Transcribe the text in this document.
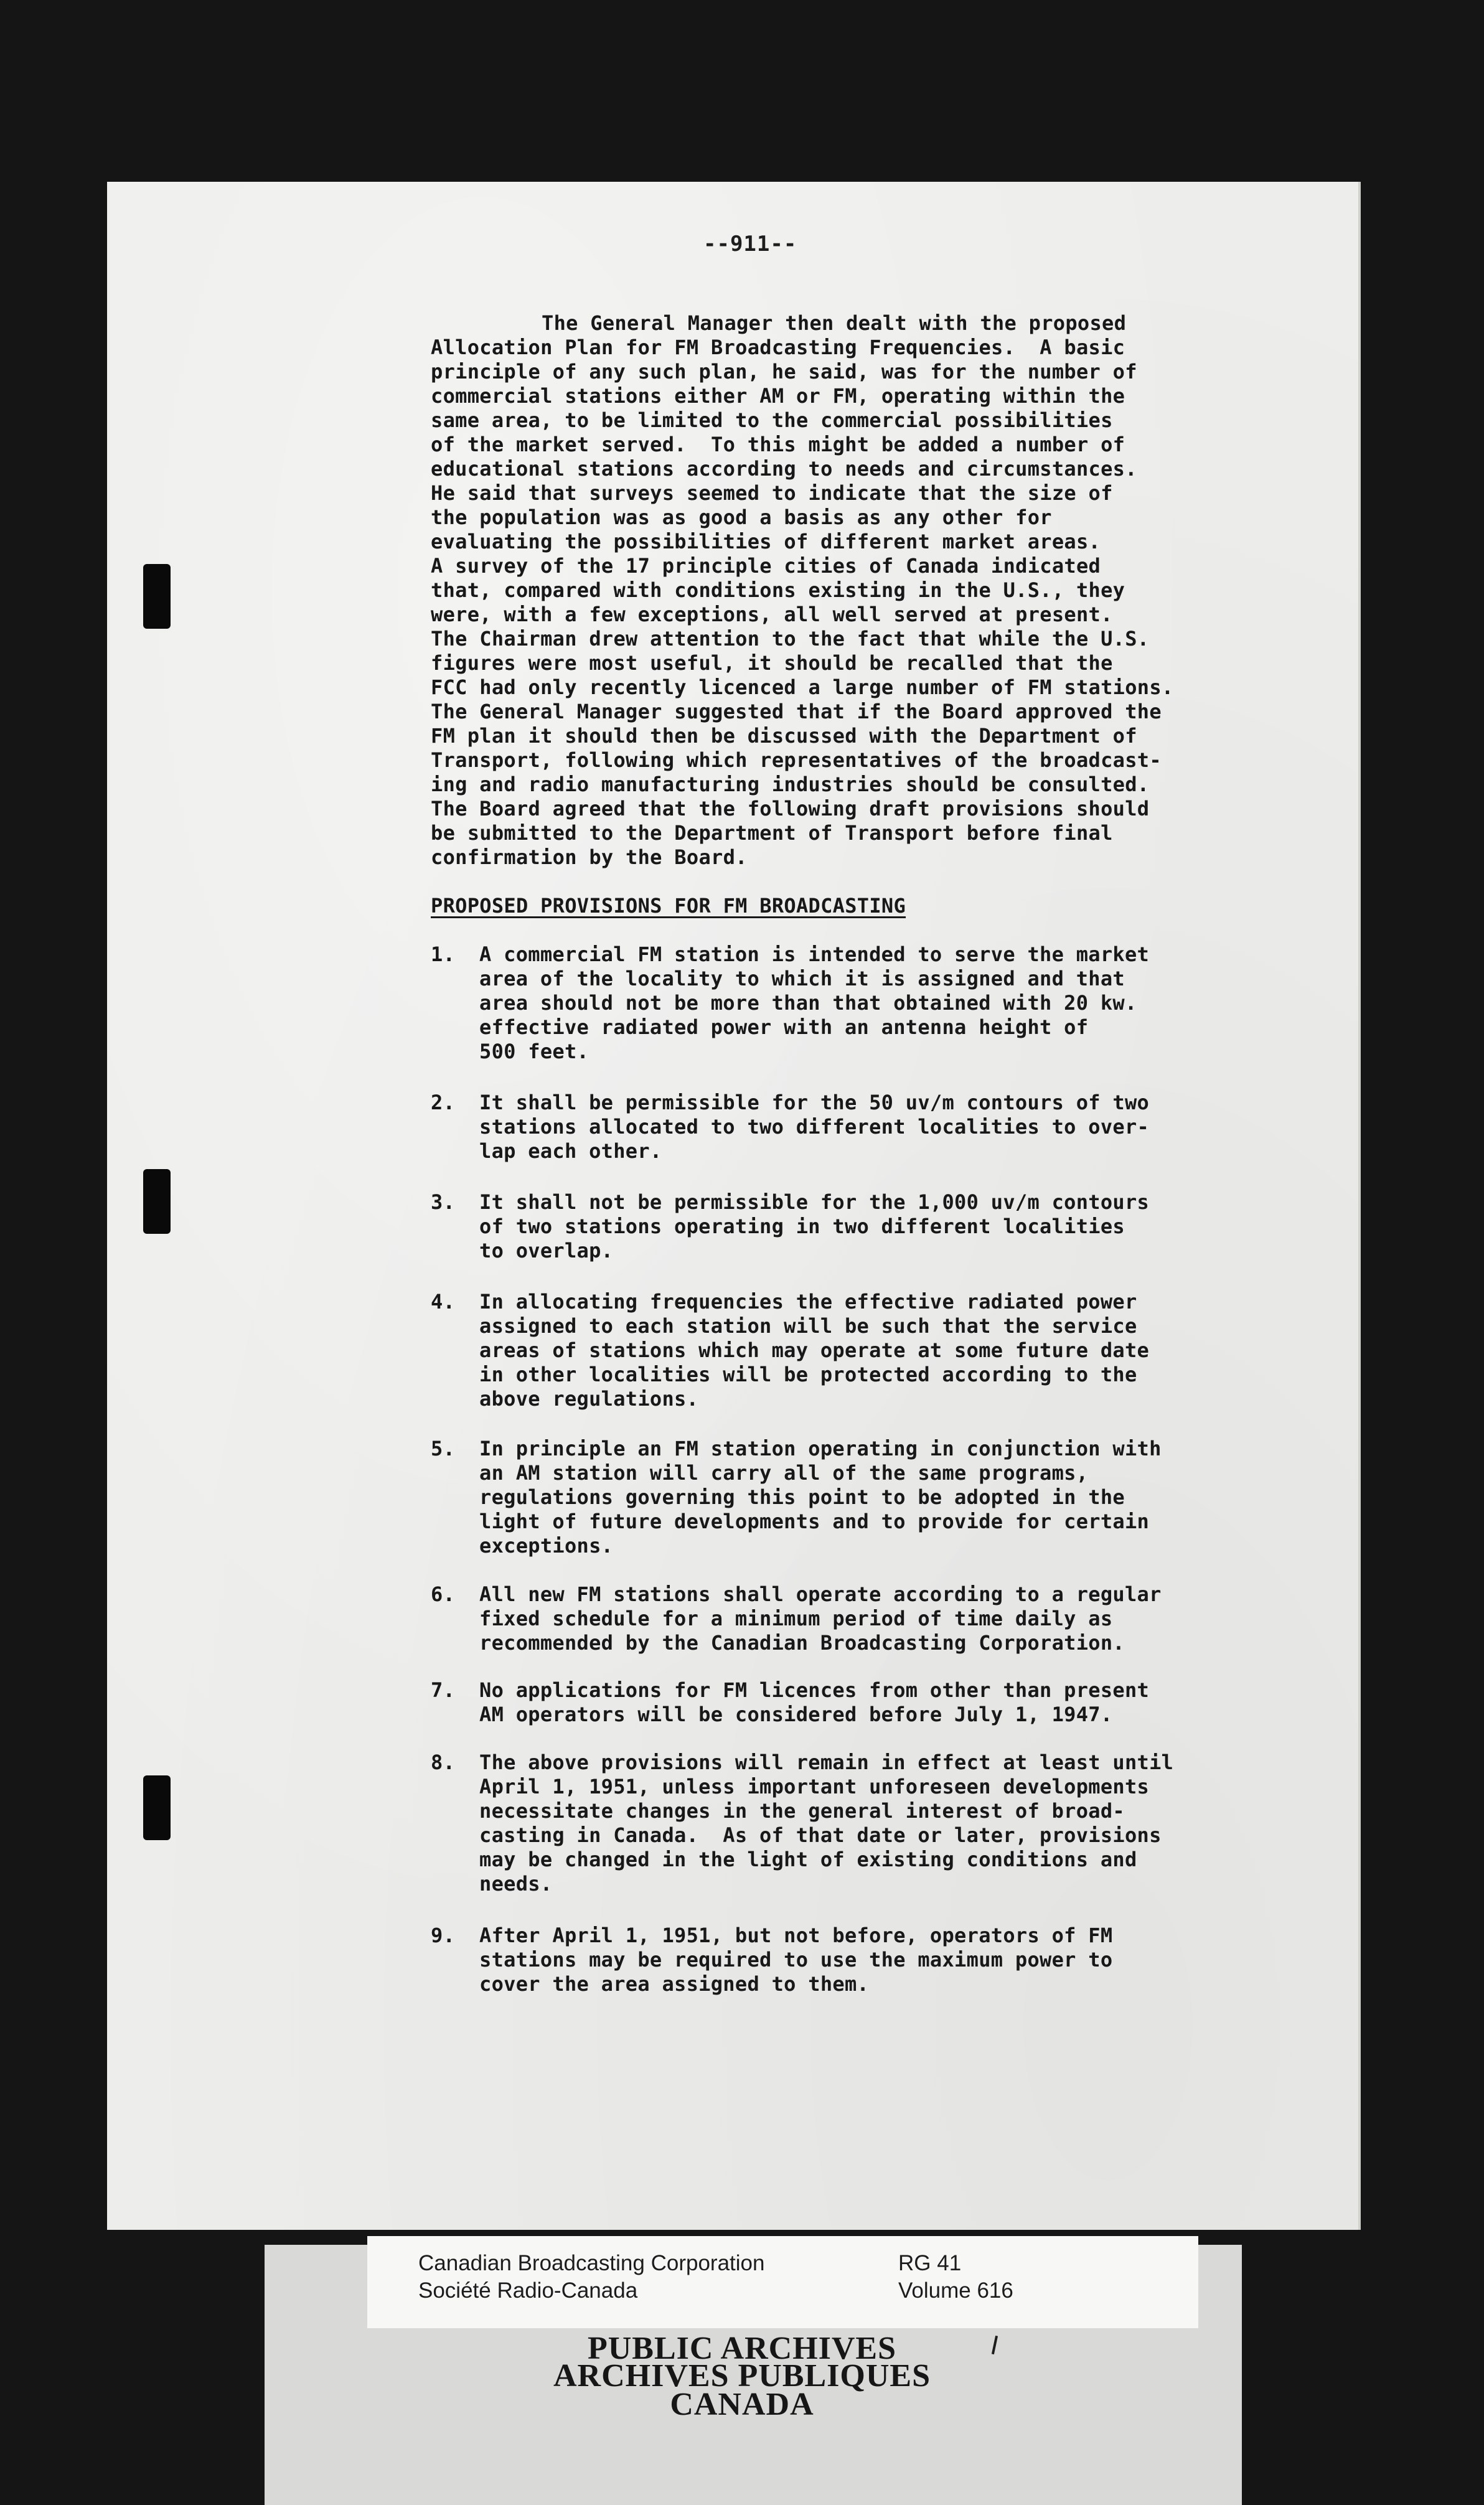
--911--
The General Manager then dealt with the proposed
Allocation Plan for FM Broadcasting Frequencies.  A basic
principle of any such plan, he said, was for the number of
commercial stations either AM or FM, operating within the
same area, to be limited to the commercial possibilities
of the market served.  To this might be added a number of
educational stations according to needs and circumstances.
He said that surveys seemed to indicate that the size of
the population was as good a basis as any other for
evaluating the possibilities of different market areas.
A survey of the 17 principle cities of Canada indicated
that, compared with conditions existing in the U.S., they
were, with a few exceptions, all well served at present.
The Chairman drew attention to the fact that while the U.S.
figures were most useful, it should be recalled that the
FCC had only recently licenced a large number of FM stations.
The General Manager suggested that if the Board approved the
FM plan it should then be discussed with the Department of
Transport, following which representatives of the broadcast-
ing and radio manufacturing industries should be consulted.
The Board agreed that the following draft provisions should
be submitted to the Department of Transport before final
confirmation by the Board.
PROPOSED PROVISIONS FOR FM BROADCASTING
1. A commercial FM station is intended to serve the market
area of the locality to which it is assigned and that
area should not be more than that obtained with 20 kw.
effective radiated power with an antenna height of
500 feet.
2. It shall be permissible for the 50 uv/m contours of two
stations allocated to two different localities to over-
lap each other.
3. It shall not be permissible for the 1,000 uv/m contours
of two stations operating in two different localities
to overlap.
4. In allocating frequencies the effective radiated power
assigned to each station will be such that the service
areas of stations which may operate at some future date
in other localities will be protected according to the
above regulations.
5. In principle an FM station operating in conjunction with
an AM station will carry all of the same programs,
regulations governing this point to be adopted in the
light of future developments and to provide for certain
exceptions.
6. All new FM stations shall operate according to a regular
fixed schedule for a minimum period of time daily as
recommended by the Canadian Broadcasting Corporation.
7. No applications for FM licences from other than present
AM operators will be considered before July 1, 1947.
8. The above provisions will remain in effect at least until
April 1, 1951, unless important unforeseen developments
necessitate changes in the general interest of broad-
casting in Canada.  As of that date or later, provisions
may be changed in the light of existing conditions and
needs.
9. After April 1, 1951, but not before, operators of FM
stations may be required to use the maximum power to
cover the area assigned to them.
Canadian Broadcasting Corporation
Société Radio-Canada
RG 41
Volume 616
PUBLIC ARCHIVES
ARCHIVES PUBLIQUES
CANADA
